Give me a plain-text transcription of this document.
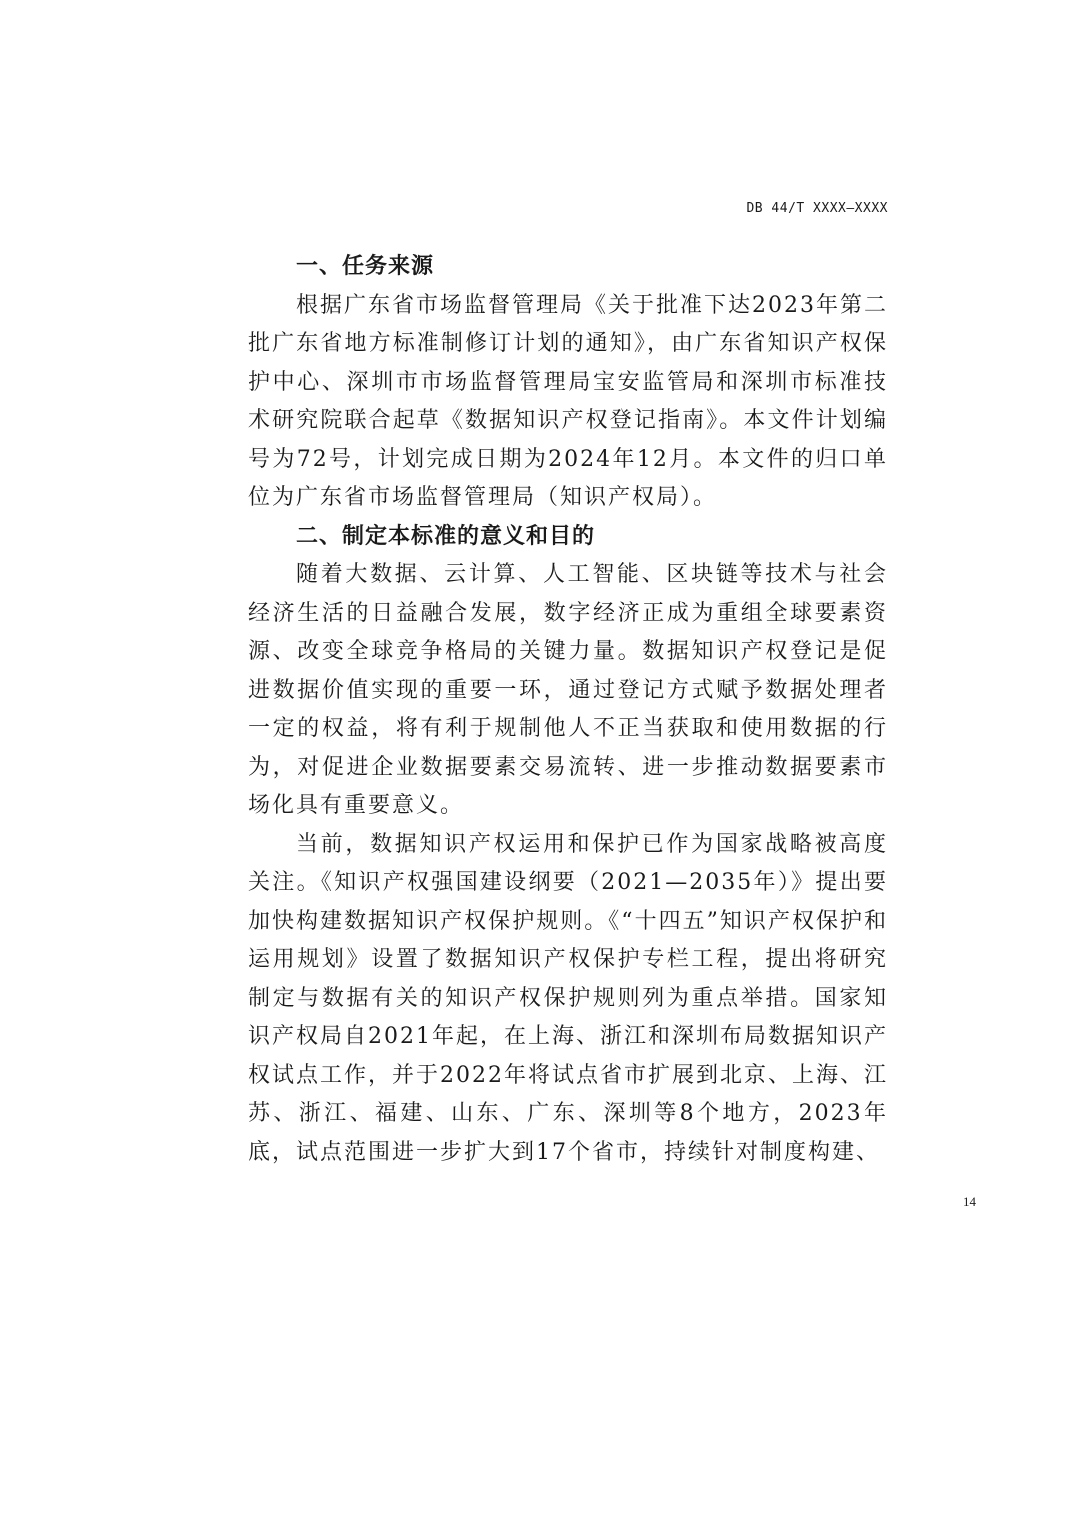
DB 44/T XXXX—XXXX
一、任务来源

根据广东省市场监督管理局《关于批准下达2023年第二批广东省地方标准制修订计划的通知》，由广东省知识产权保护中心、深圳市市场监督管理局宝安监管局和深圳市标准技术研究院联合起草《数据知识产权登记指南》。本文件计划编号为72号，计划完成日期为2024年12月。本文件的归口单位为广东省市场监督管理局（知识产权局）。

二、制定本标准的意义和目的

随着大数据、云计算、人工智能、区块链等技术与社会经济生活的日益融合发展，数字经济正成为重组全球要素资源、改变全球竞争格局的关键力量。数据知识产权登记是促进数据价值实现的重要一环，通过登记方式赋予数据处理者一定的权益，将有利于规制他人不正当获取和使用数据的行为，对促进企业数据要素交易流转、进一步推动数据要素市场化具有重要意义。

当前，数据知识产权运用和保护已作为国家战略被高度关注。《知识产权强国建设纲要（2021—2035年）》提出要加快构建数据知识产权保护规则。《“十四五”知识产权保护和运用规划》设置了数据知识产权保护专栏工程，提出将研究制定与数据有关的知识产权保护规则列为重点举措。国家知识产权局自2021年起，在上海、浙江和深圳布局数据知识产权试点工作，并于2022年将试点省市扩展到北京、上海、江苏、浙江、福建、山东、广东、深圳等8个地方，2023年底，试点范围进一步扩大到17个省市，持续针对制度构建、

14
